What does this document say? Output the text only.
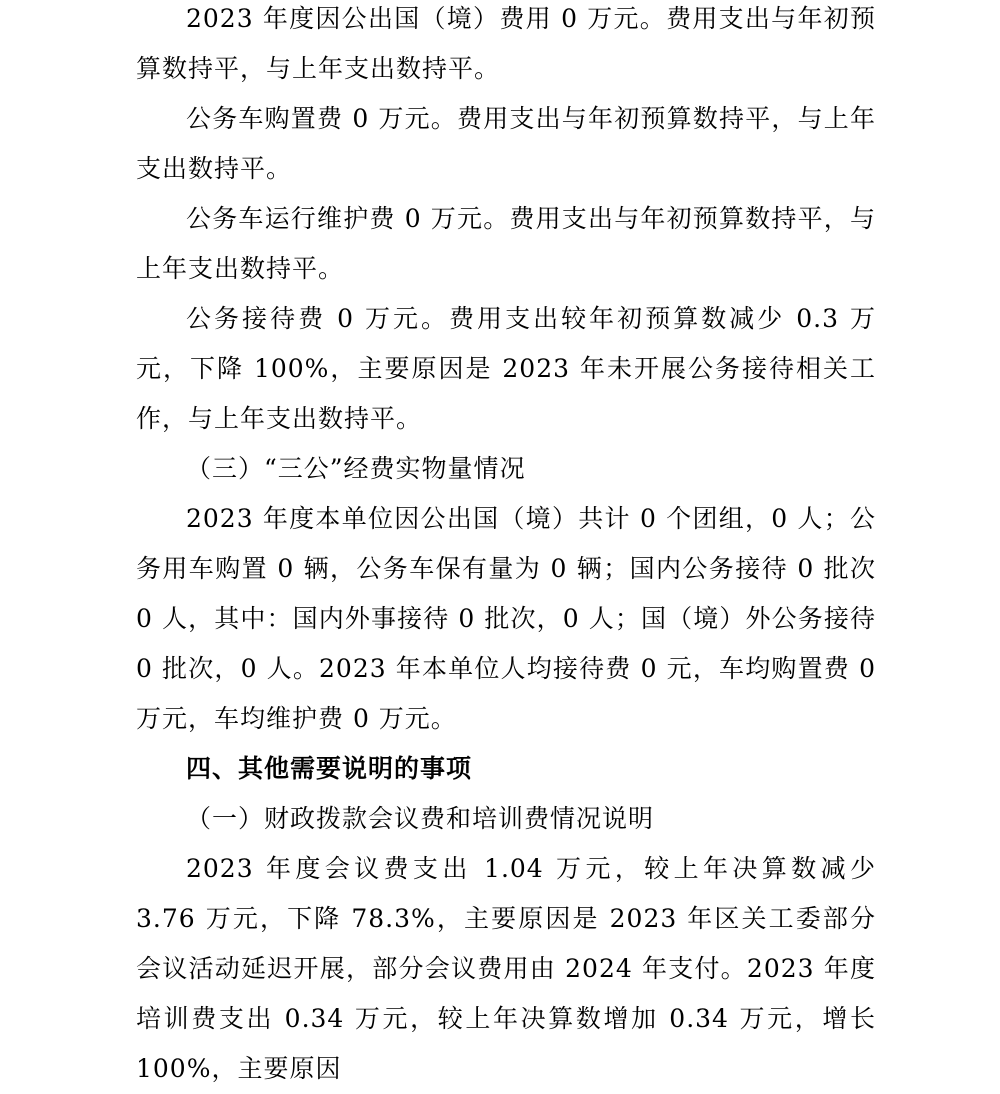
2023 年度因公出国（境）费用 0 万元。费用支出与年初预算数持平，与上年支出数持平。

公务车购置费 0 万元。费用支出与年初预算数持平，与上年支出数持平。

公务车运行维护费 0 万元。费用支出与年初预算数持平，与上年支出数持平。

公务接待费 0 万元。费用支出较年初预算数减少 0.3 万元，下降 100%，主要原因是 2023 年未开展公务接待相关工作，与上年支出数持平。

（三）“三公”经费实物量情况

2023 年度本单位因公出国（境）共计 0 个团组，0 人；公务用车购置 0 辆，公务车保有量为 0 辆；国内公务接待 0 批次 0 人，其中：国内外事接待 0 批次，0 人；国（境）外公务接待 0 批次，0 人。2023 年本单位人均接待费 0 元，车均购置费 0 万元，车均维护费 0 万元。

四、其他需要说明的事项

（一）财政拨款会议费和培训费情况说明

2023 年度会议费支出 1.04 万元，较上年决算数减少 3.76 万元，下降 78.3%，主要原因是 2023 年区关工委部分会议活动延迟开展，部分会议费用由 2024 年支付。2023 年度培训费支出 0.34 万元，较上年决算数增加 0.34 万元，增长 100%，主要原因
